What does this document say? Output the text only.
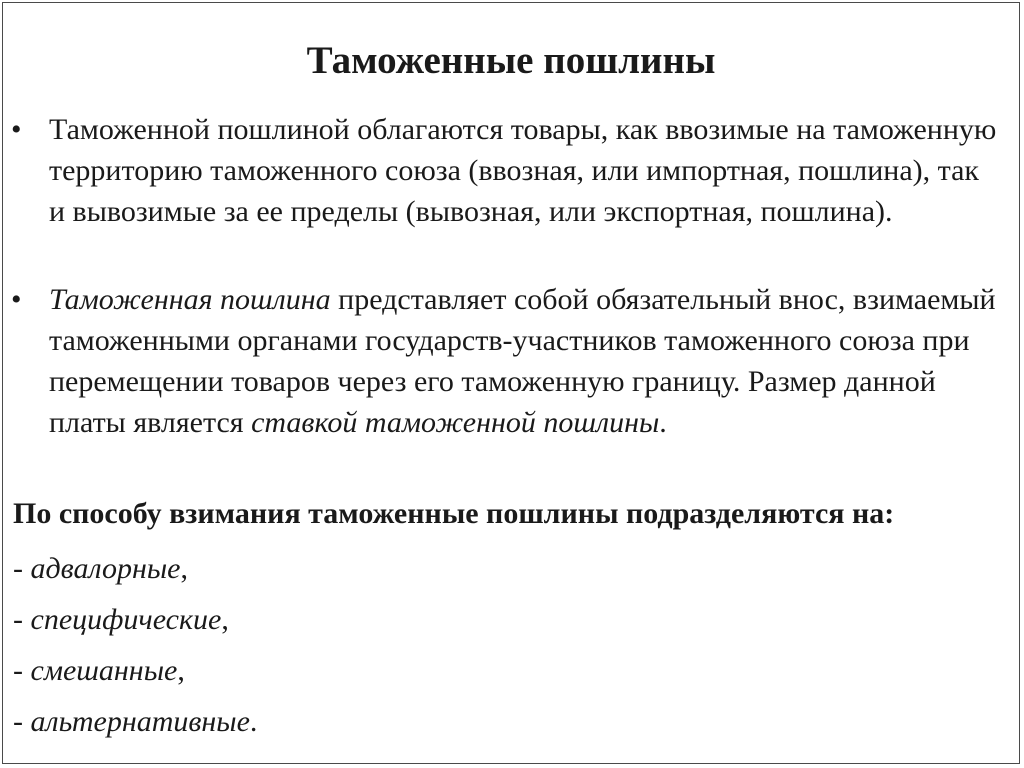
Таможенные пошлины

• Таможенной пошлиной облагаются товары, как ввозимые на таможенную территорию таможенного союза (ввозная, или импортная, пошлина), так и вывозимые за ее пределы (вывозная, или экспортная, пошлина).

• Таможенная пошлина представляет собой обязательный внос, взимаемый таможенными органами государств-участников таможенного союза при перемещении товаров через его таможенную границу. Размер данной платы является ставкой таможенной пошлины.

По способу взимания таможенные пошлины подразделяются на:

- адвалорные,
- специфические,
- смешанные,
- альтернативные.
